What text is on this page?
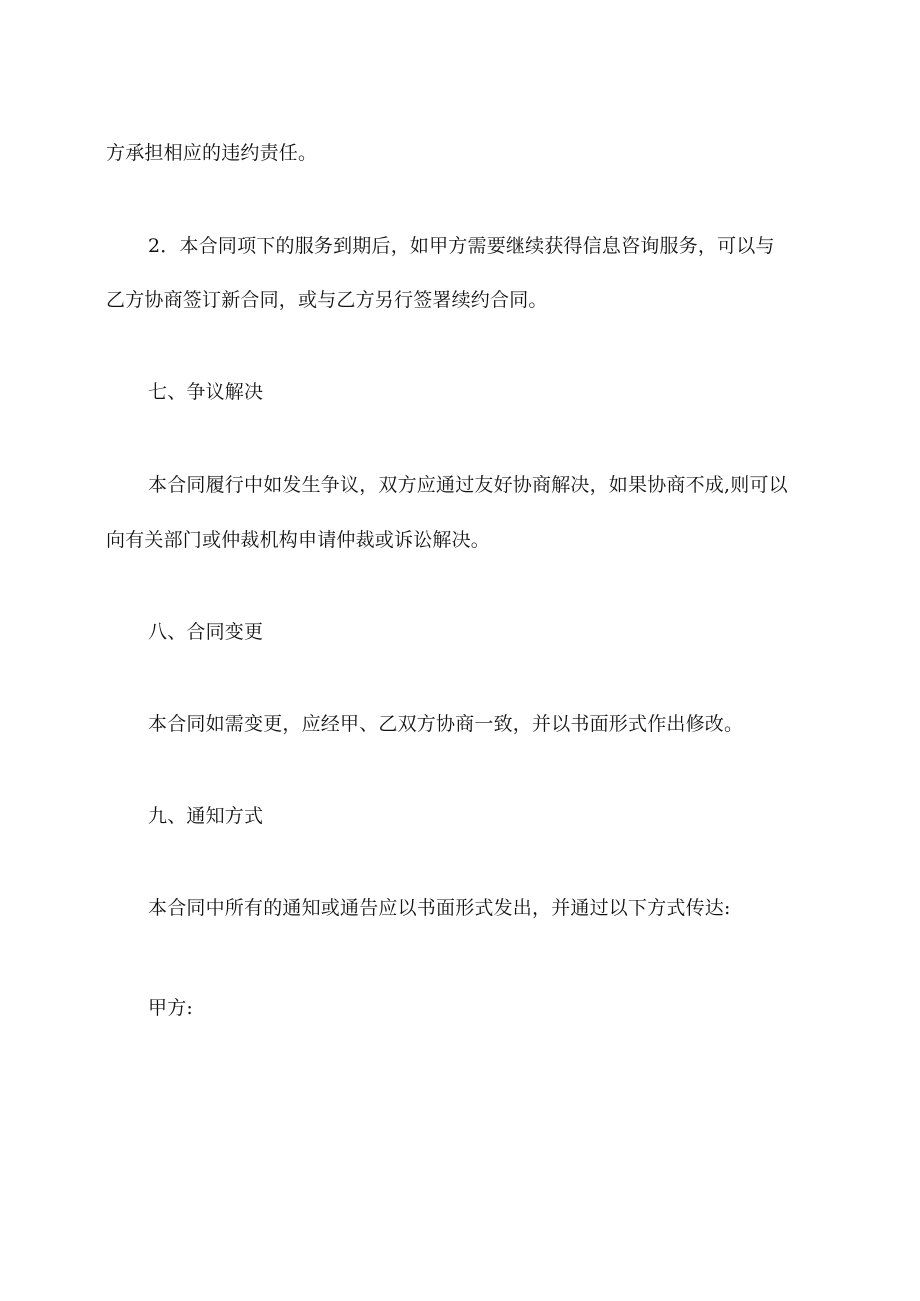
方承担相应的违约责任。
2．本合同项下的服务到期后，如甲方需要继续获得信息咨询服务，可以与
乙方协商签订新合同，或与乙方另行签署续约合同。
七、争议解决
本合同履行中如发生争议，双方应通过友好协商解决，如果协商不成,则可以
向有关部门或仲裁机构申请仲裁或诉讼解决。
八、合同变更
本合同如需变更，应经甲、乙双方协商一致，并以书面形式作出修改。
九、通知方式
本合同中所有的通知或通告应以书面形式发出，并通过以下方式传达:
甲方:
